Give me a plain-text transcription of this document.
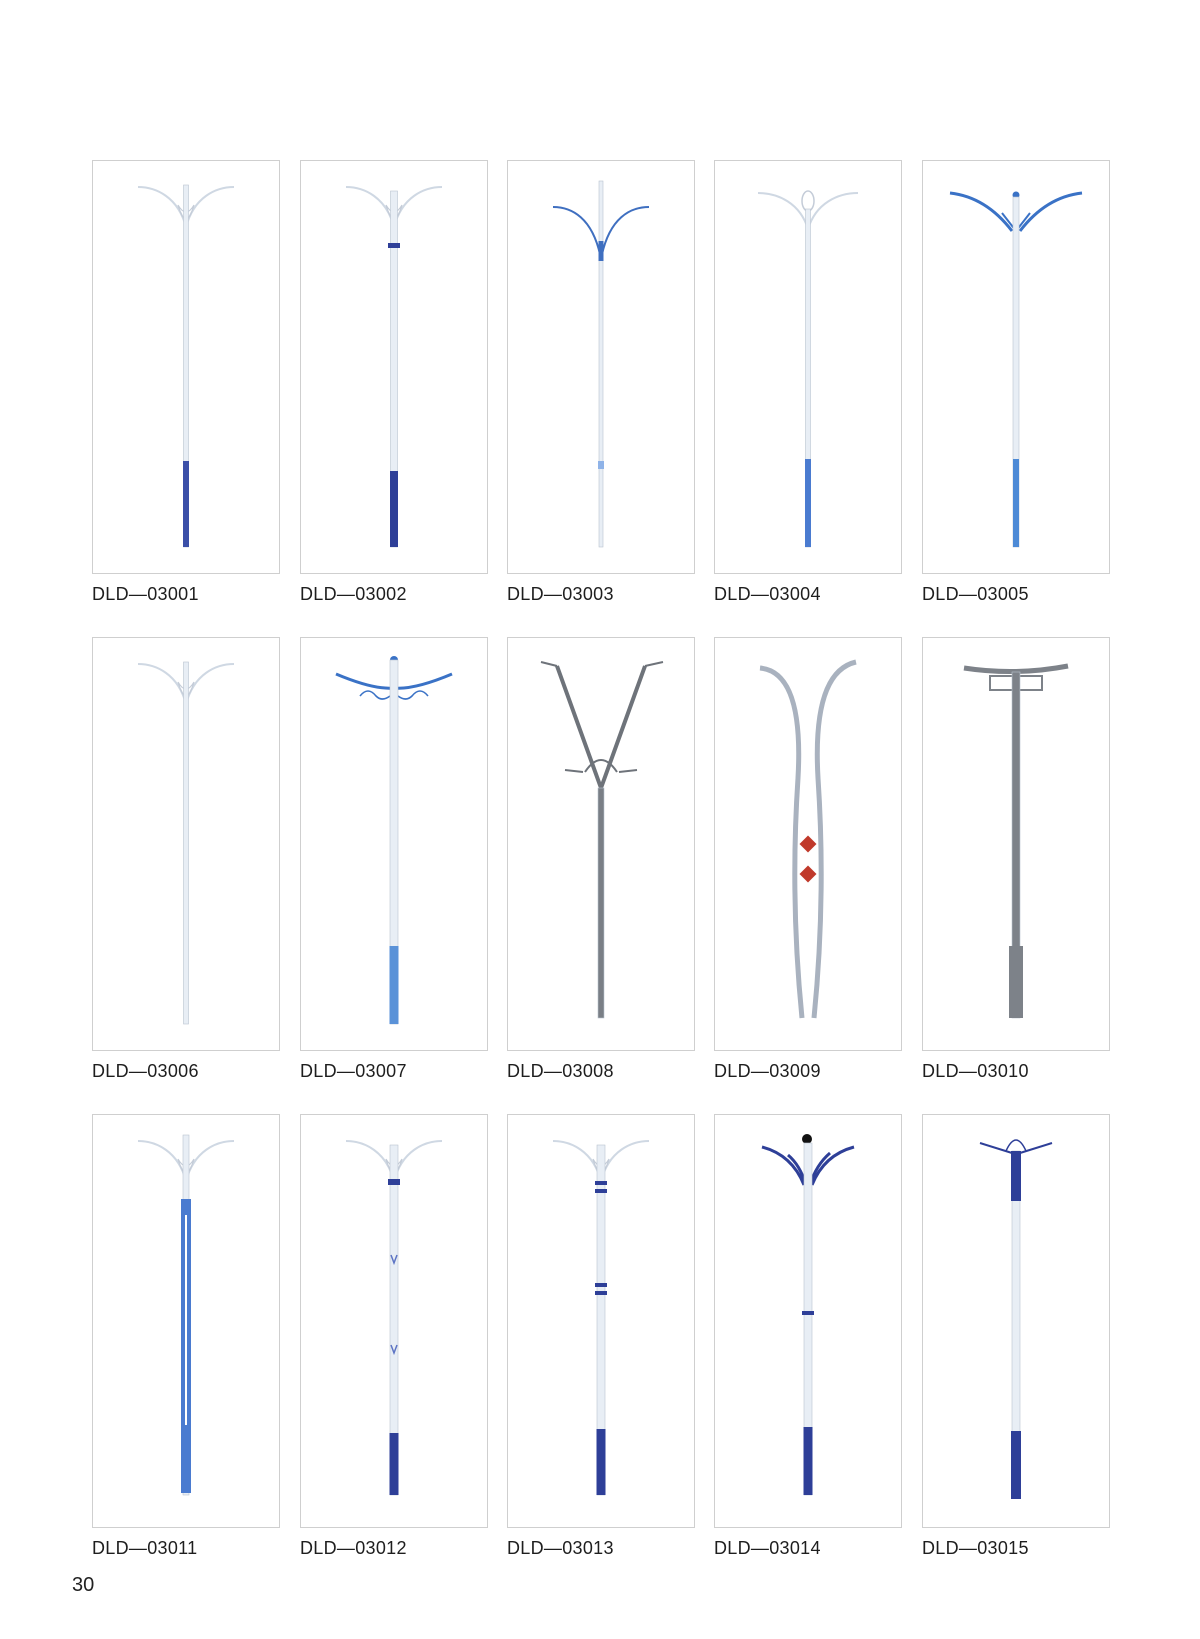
DLD—03001	DLD—03002	DLD—03003	DLD—03004	DLD—03005
DLD—03006	DLD—03007	DLD—03008	DLD—03009	DLD—03010
DLD—03011	DLD—03012	DLD—03013	DLD—03014	DLD—03015
30
